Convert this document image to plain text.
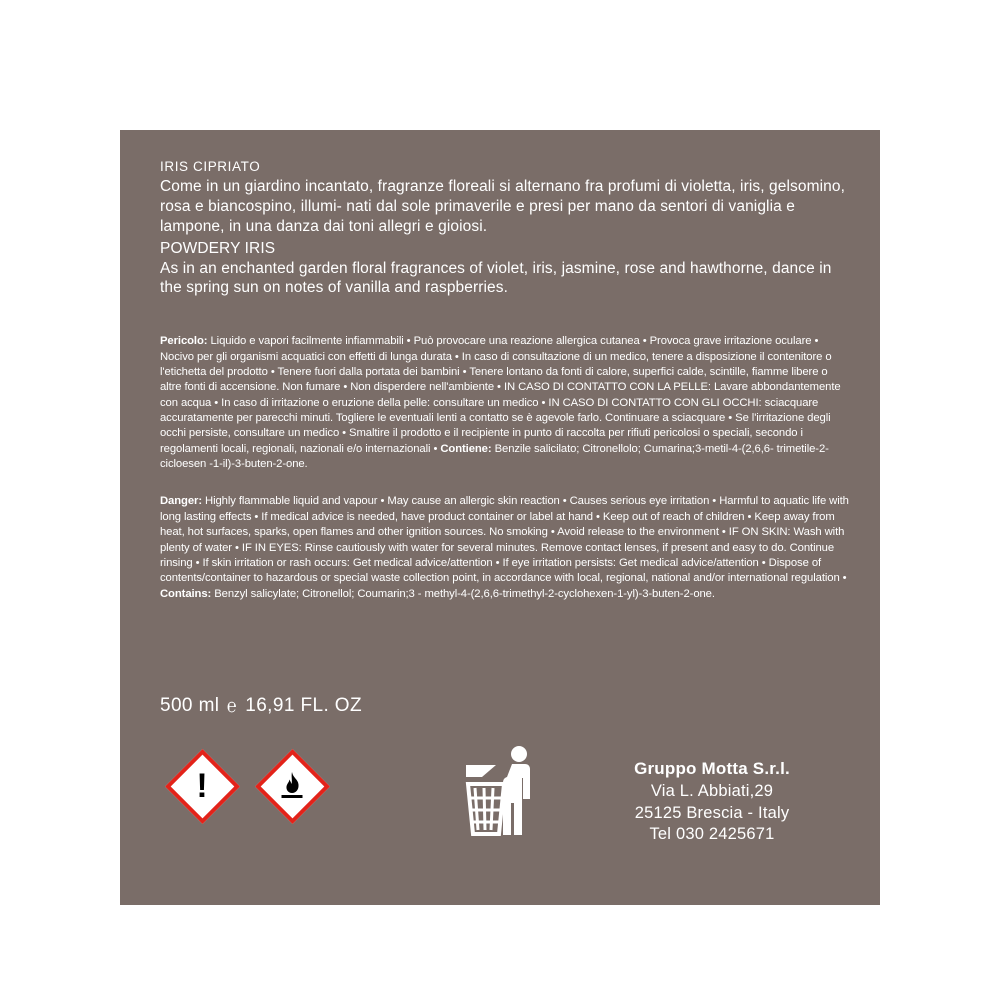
IRIS CIPRIATO

Come in un giardino incantato, fragranze floreali si alternano fra profumi di violetta, iris, gelsomino, rosa e biancospino, illumi- nati dal sole primaverile e presi per mano da sentori di vaniglia e lampone, in una danza dai toni allegri e gioiosi.

POWDERY IRIS

As in an enchanted garden floral fragrances of violet, iris, jasmine, rose and hawthorne, dance in the spring sun on notes of vanilla and raspberries.

Pericolo: Liquido e vapori facilmente infiammabili • Può provocare una reazione allergica cutanea • Provoca grave irritazione oculare • Nocivo per gli organismi acquatici con effetti di lunga durata • In caso di consultazione di un medico, tenere a disposizione il contenitore o l'etichetta del prodotto • Tenere fuori dalla portata dei bambini • Tenere lontano da fonti di calore, superfici calde, scintille, fiamme libere o altre fonti di accensione. Non fumare • Non disperdere nell'ambiente • IN CASO DI CONTATTO CON LA PELLE: Lavare abbondantemente con acqua • In caso di irritazione o eruzione della pelle: consultare un medico • IN CASO DI CONTATTO CON GLI OCCHI: sciacquare accuratamente per parecchi minuti. Togliere le eventuali lenti a contatto se è agevole farlo. Continuare a sciacquare • Se l'irritazione degli occhi persiste, consultare un medico • Smaltire il prodotto e il recipiente in punto di raccolta per rifiuti pericolosi o speciali, secondo i regolamenti locali, regionali, nazionali e/o internazionali • Contiene: Benzile salicilato; Citronellolo; Cumarina;3-metil-4-(2,6,6- trimetile-2-cicloesen -1-il)-3-buten-2-one.
Danger: Highly flammable liquid and vapour • May cause an allergic skin reaction • Causes serious eye irritation • Harmful to aquatic life with long lasting effects • If medical advice is needed, have product container or label at hand • Keep out of reach of children • Keep away from heat, hot surfaces, sparks, open flames and other ignition sources. No smoking • Avoid release to the environment • IF ON SKIN: Wash with plenty of water • IF IN EYES: Rinse cautiously with water for several minutes. Remove contact lenses, if present and easy to do. Continue rinsing • If skin irritation or rash occurs: Get medical advice/attention • If eye irritation persists: Get medical advice/attention • Dispose of contents/container to hazardous or special waste collection point, in accordance with local, regional, national and/or international regulation • Contains: Benzyl salicylate; Citronellol; Coumarin;3 - methyl-4-(2,6,6-trimethyl-2-cyclohexen-1-yl)-3-buten-2-one.
500 ml ℮ 16,91 FL. OZ
!	Gruppo Motta S.r.l.
Via L. Abbiati,29
25125 Brescia - Italy
Tel 030 2425671
